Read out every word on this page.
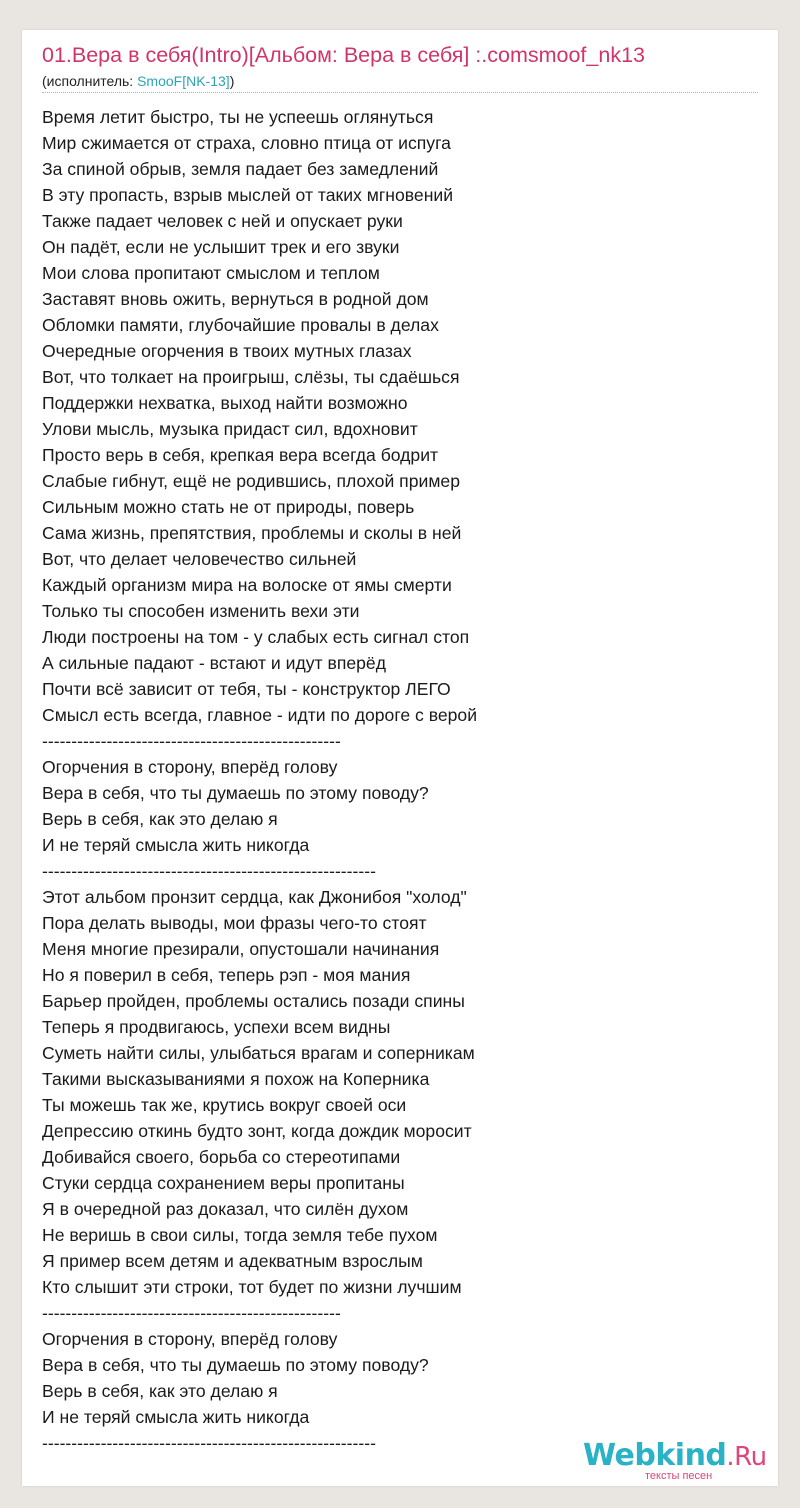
01.Вера в себя(Intro)[Альбом: Вера в себя] :.comsmoof_nk13
(исполнитель: SmooF[NK-13])
Время летит быстро, ты не успеешь оглянуться
Мир сжимается от страха, словно птица от испуга
За спиной обрыв, земля падает без замедлений
В эту пропасть, взрыв мыслей от таких мгновений
Также падает человек с ней и опускает руки
Он падёт, если не услышит трек и его звуки
Мои слова пропитают смыслом и теплом
Заставят вновь ожить, вернуться в родной дом
Обломки памяти, глубочайшие провалы в делах
Очередные огорчения в твоих мутных глазах
Вот, что толкает на проигрыш, слёзы, ты сдаёшься
Поддержки нехватка, выход найти возможно
Улови мысль, музыка придаст сил, вдохновит
Просто верь в себя, крепкая вера всегда бодрит
Слабые гибнут, ещё не родившись, плохой пример
Сильным можно стать не от природы, поверь
Сама жизнь, препятствия, проблемы и сколы в ней
Вот, что делает человечество сильней
Каждый организм мира на волоске от ямы смерти
Только ты способен изменить вехи эти
Люди построены на том - у слабых есть сигнал стоп
А сильные падают - встают и идут вперёд
Почти всё зависит от тебя, ты - конструктор ЛЕГО
Смысл есть всегда, главное - идти по дороге с верой
---------------------------------------------------
Огорчения в сторону, вперёд голову
Вера в себя, что ты думаешь по этому поводу?
Верь в себя, как это делаю я
И не теряй смысла жить никогда
---------------------------------------------------------
Этот альбом пронзит сердца, как Джонибоя "холод"
Пора делать выводы, мои фразы чего-то стоят
Меня многие презирали, опустошали начинания
Но я поверил в себя, теперь рэп - моя мания
Барьер пройден, проблемы остались позади спины
Теперь я продвигаюсь, успехи всем видны
Суметь найти силы, улыбаться врагам и соперникам
Такими высказываниями я похож на Коперника
Ты можешь так же, крутись вокруг своей оси
Депрессию откинь будто зонт, когда дождик моросит
Добивайся своего, борьба со стереотипами
Стуки сердца сохранением веры пропитаны
Я в очередной раз доказал, что силён духом
Не веришь в свои силы, тогда земля тебе пухом
Я пример всем детям и адекватным взрослым
Кто слышит эти строки, тот будет по жизни лучшим
---------------------------------------------------
Огорчения в сторону, вперёд голову
Вера в себя, что ты думаешь по этому поводу?
Верь в себя, как это делаю я
И не теряй смысла жить никогда
---------------------------------------------------------	Webkind.Ru
тексты песен
